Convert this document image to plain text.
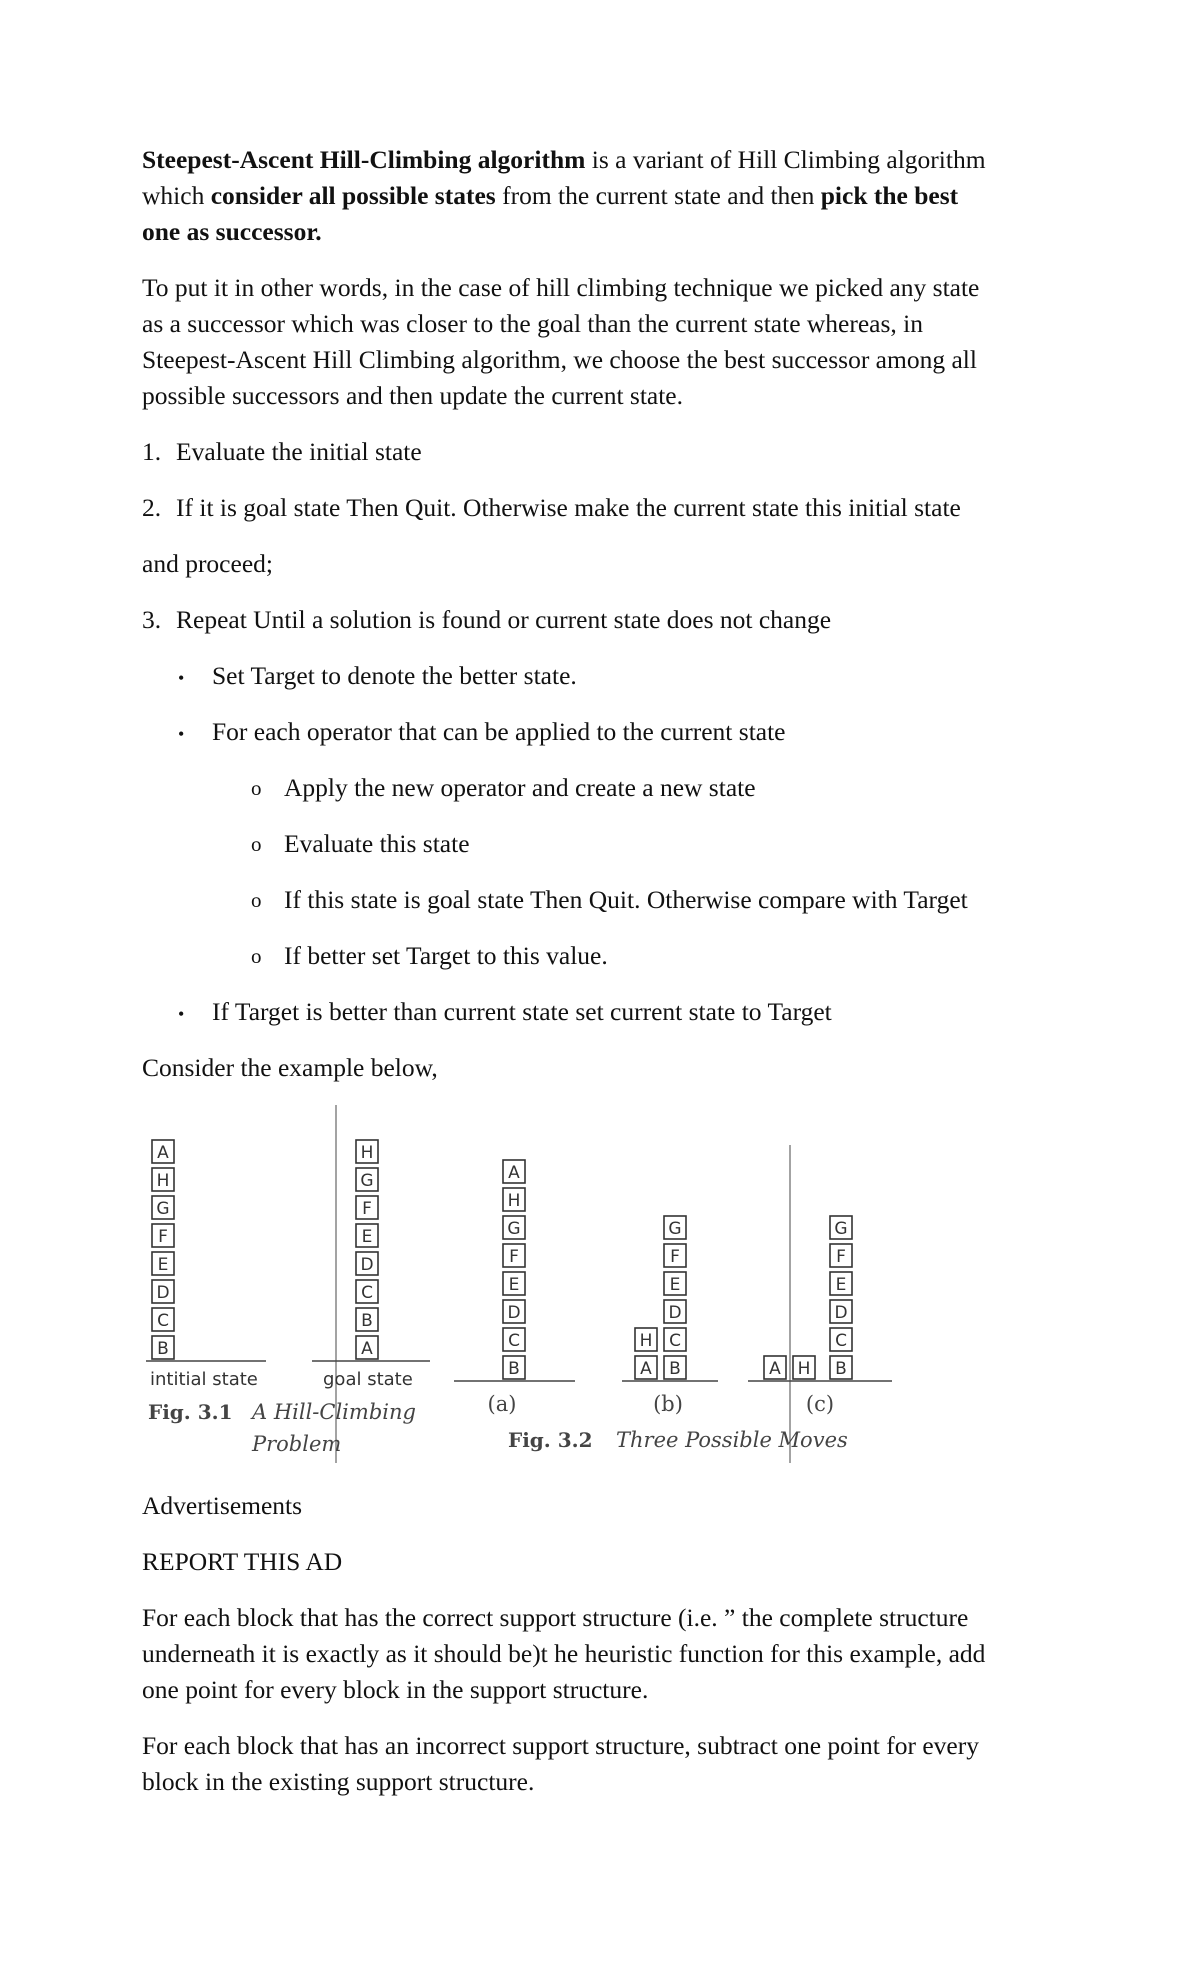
Steepest-Ascent Hill-Climbing algorithm is a variant of Hill Climbing algorithm
which consider all possible states from the current state and then pick the best
one as successor.
To put it in other words, in the case of hill climbing technique we picked any state
as a successor which was closer to the goal than the current state whereas, in
Steepest-Ascent Hill Climbing algorithm, we choose the best successor among all
possible successors and then update the current state.
1. Evaluate the initial state
2. If it is goal state Then Quit. Otherwise make the current state this initial state
and proceed;
3. Repeat Until a solution is found or current state does not change
• Set Target to denote the better state.
• For each operator that can be applied to the current state
o Apply the new operator and create a new state
o Evaluate this state
o If this state is goal state Then Quit. Otherwise compare with Target
o If better set Target to this value.
• If Target is better than current state set current state to Target
Consider the example below,
A
H
G
F
E
D
C
B
H
G
F
E
D
C
B
A
A
H
G
F
E
D
C
B
H
A
G
F
E
D
C
B	A H
G
F
E
D
C
B
intitial state	goal state
Fig. 3.1 A Hill-Climbing
Problem
(a)	(b)	(c)
Fig. 3.2 Three Possible Moves
Advertisements
REPORT THIS AD
For each block that has the correct support structure (i.e. ” the complete structure
underneath it is exactly as it should be)t he heuristic function for this example, add
one point for every block in the support structure.
For each block that has an incorrect support structure, subtract one point for every
block in the existing support structure.
